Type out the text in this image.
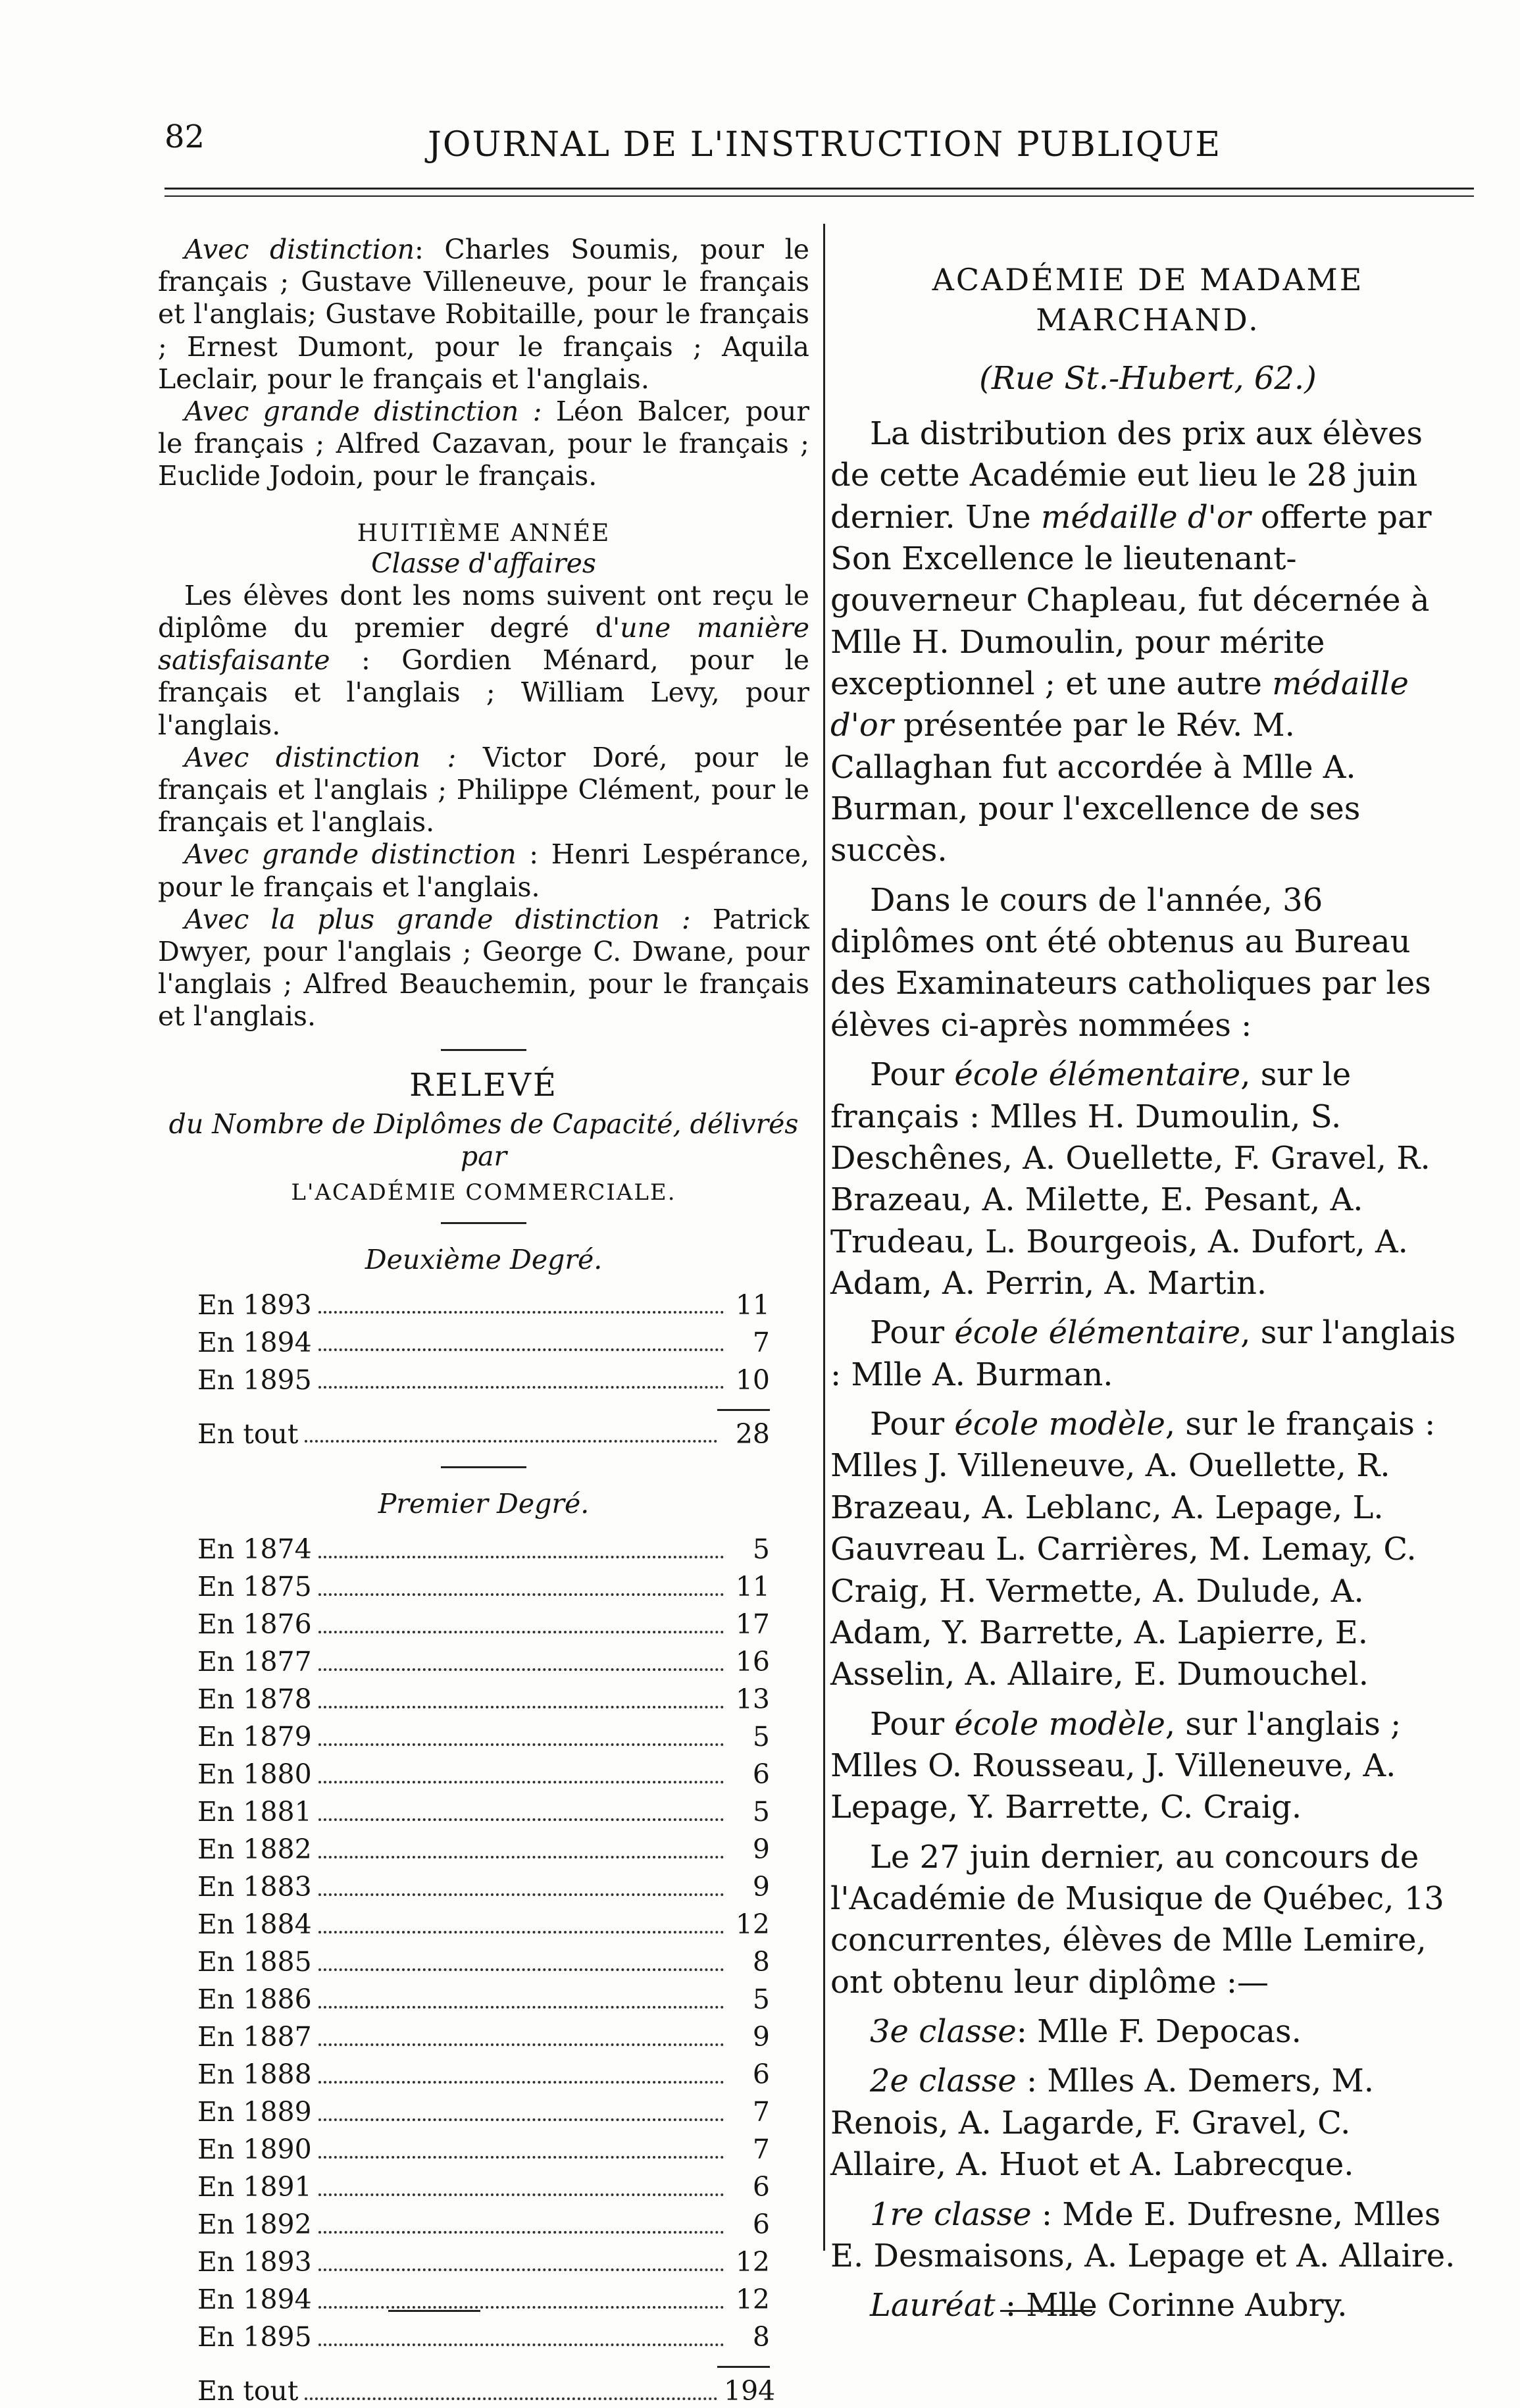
82	JOURNAL DE L'INSTRUCTION PUBLIQUE

Avec distinction: Charles Soumis, pour le français ; Gustave Villeneuve, pour le français et l'anglais; Gustave Robitaille, pour le français ; Ernest Dumont, pour le français ; Aquila Leclair, pour le français et l'anglais.

Avec grande distinction : Léon Balcer, pour le français ; Alfred Cazavan, pour le français ; Euclide Jodoin, pour le français.

HUITIÈME ANNÉE
Classe d'affaires

Les élèves dont les noms suivent ont reçu le diplôme du premier degré d'une manière satisfaisante : Gordien Ménard, pour le français et l'anglais ; William Levy, pour l'anglais.

Avec distinction : Victor Doré, pour le français et l'anglais ; Philippe Clément, pour le français et l'anglais.

Avec grande distinction : Henri Lespérance, pour le français et l'anglais.

Avec la plus grande distinction : Patrick Dwyer, pour l'anglais ; George C. Dwane, pour l'anglais ; Alfred Beauchemin, pour le français et l'anglais.

RELEVÉ
du Nombre de Diplômes de Capacité, délivrés par
L'ACADÉMIE COMMERCIALE.
Deuxième Degré.
En 1893	11
En 1894	7
En 1895	10
En tout	28
Premier Degré.
En 1874	5
En 1875	11
En 1876	17
En 1877	16
En 1878	13
En 1879	5
En 1880	6
En 1881	5
En 1882	9
En 1883	9
En 1884	12
En 1885	8
En 1886	5
En 1887	9
En 1888	6
En 1889	7
En 1890	7
En 1891	6
En 1892	6
En 1893	12
En 1894	12
En 1895	8
En tout	194
ACADÉMIE DE MADAME MARCHAND.
(Rue St.-Hubert, 62.)

La distribution des prix aux élèves de cette Académie eut lieu le 28 juin dernier. Une médaille d'or offerte par Son Excellence le lieutenant-gouverneur Chapleau, fut décernée à Mlle H. Dumoulin, pour mérite exceptionnel ; et une autre médaille d'or présentée par le Rév. M. Callaghan fut accordée à Mlle A. Burman, pour l'excellence de ses succès.

Dans le cours de l'année, 36 diplômes ont été obtenus au Bureau des Examinateurs catholiques par les élèves ci-après nommées :

Pour école élémentaire, sur le français : Mlles H. Dumoulin, S. Deschênes, A. Ouellette, F. Gravel, R. Brazeau, A. Milette, E. Pesant, A. Trudeau, L. Bourgeois, A. Dufort, A. Adam, A. Perrin, A. Martin.

Pour école élémentaire, sur l'anglais : Mlle A. Burman.

Pour école modèle, sur le français : Mlles J. Villeneuve, A. Ouellette, R. Brazeau, A. Leblanc, A. Lepage, L. Gauvreau L. Carrières, M. Lemay, C. Craig, H. Vermette, A. Dulude, A. Adam, Y. Barrette, A. Lapierre, E. Asselin, A. Allaire, E. Dumouchel.

Pour école modèle, sur l'anglais ; Mlles O. Rousseau, J. Villeneuve, A. Lepage, Y. Barrette, C. Craig.

Le 27 juin dernier, au concours de l'Académie de Musique de Québec, 13 concurrentes, élèves de Mlle Lemire, ont obtenu leur diplôme :—

3e classe: Mlle F. Depocas.

2e classe : Mlles A. Demers, M. Renois, A. Lagarde, F. Gravel, C. Allaire, A. Huot et A. Labrecque.

1re classe : Mde E. Dufresne, Mlles E. Desmaisons, A. Lepage et A. Allaire.

Lauréat : Mlle Corinne Aubry.
